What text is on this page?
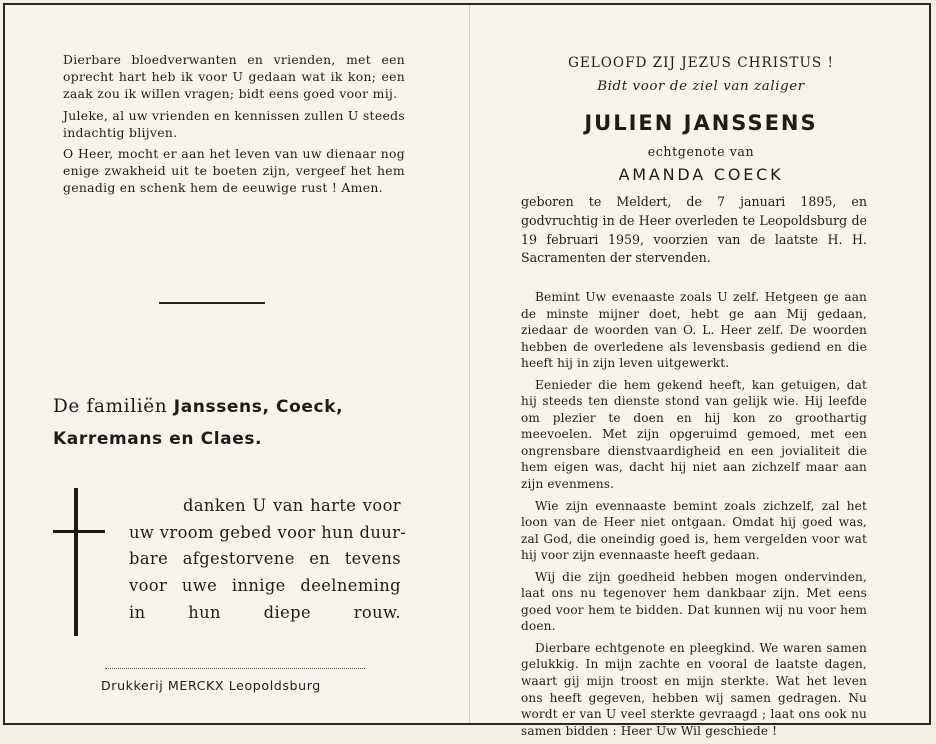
Dierbare bloedverwanten en vrienden, met een oprecht hart heb ik voor U gedaan wat ik kon; een zaak zou ik willen vragen; bidt eens goed voor mij.

Juleke, al uw vrienden en kennissen zullen U steeds indachtig blijven.

O Heer, mocht er aan het leven van uw dienaar nog enige zwakheid uit te boeten zijn, vergeef het hem genadig en schenk hem de eeuwige rust ! Amen.

De familiën Janssens, Coeck,
Karremans en Claes.
danken U van harte voor
uw vroom gebed voor hun duur-
bare afgestorvene en tevens
voor uwe innige deelneming
in hun diepe rouw.
Drukkerij MERCKX Leopoldsburg
GELOOFD ZIJ JEZUS CHRISTUS !
Bidt voor de ziel van zaliger
JULIEN JANSSENS
echtgenote van
AMANDA COECK
geboren te Meldert, de 7 januari 1895, en godvruchtig in de Heer overleden te Leopoldsburg de 19 februari 1959, voorzien van de laatste H. H. Sacramenten der stervenden.

Bemint Uw evenaaste zoals U zelf. Hetgeen ge aan de minste mijner doet, hebt ge aan Mij gedaan, ziedaar de woorden van O. L. Heer zelf. De woorden hebben de overledene als levensbasis gediend en die heeft hij in zijn leven uitgewerkt.

Eenieder die hem gekend heeft, kan getuigen, dat hij steeds ten dienste stond van gelijk wie. Hij leefde om plezier te doen en hij kon zo groothartig meevoelen. Met zijn opgeruimd gemoed, met een ongrensbare dienstvaardigheid en een jovialiteit die hem eigen was, dacht hij niet aan zichzelf maar aan zijn evenmens.

Wie zijn evennaaste bemint zoals zichzelf, zal het loon van de Heer niet ontgaan. Omdat hij goed was, zal God, die oneindig goed is, hem vergelden voor wat hij voor zijn evennaaste heeft gedaan.

Wij die zijn goedheid hebben mogen ondervinden, laat ons nu tegenover hem dankbaar zijn. Met eens goed voor hem te bidden. Dat kunnen wij nu voor hem doen.

Dierbare echtgenote en pleegkind. We waren samen gelukkig. In mijn zachte en vooral de laatste dagen, waart gij mijn troost en mijn sterkte. Wat het leven ons heeft gegeven, hebben wij samen gedragen. Nu wordt er van U veel sterkte gevraagd ; laat ons ook nu samen bidden : Heer Uw Wil geschiede !
